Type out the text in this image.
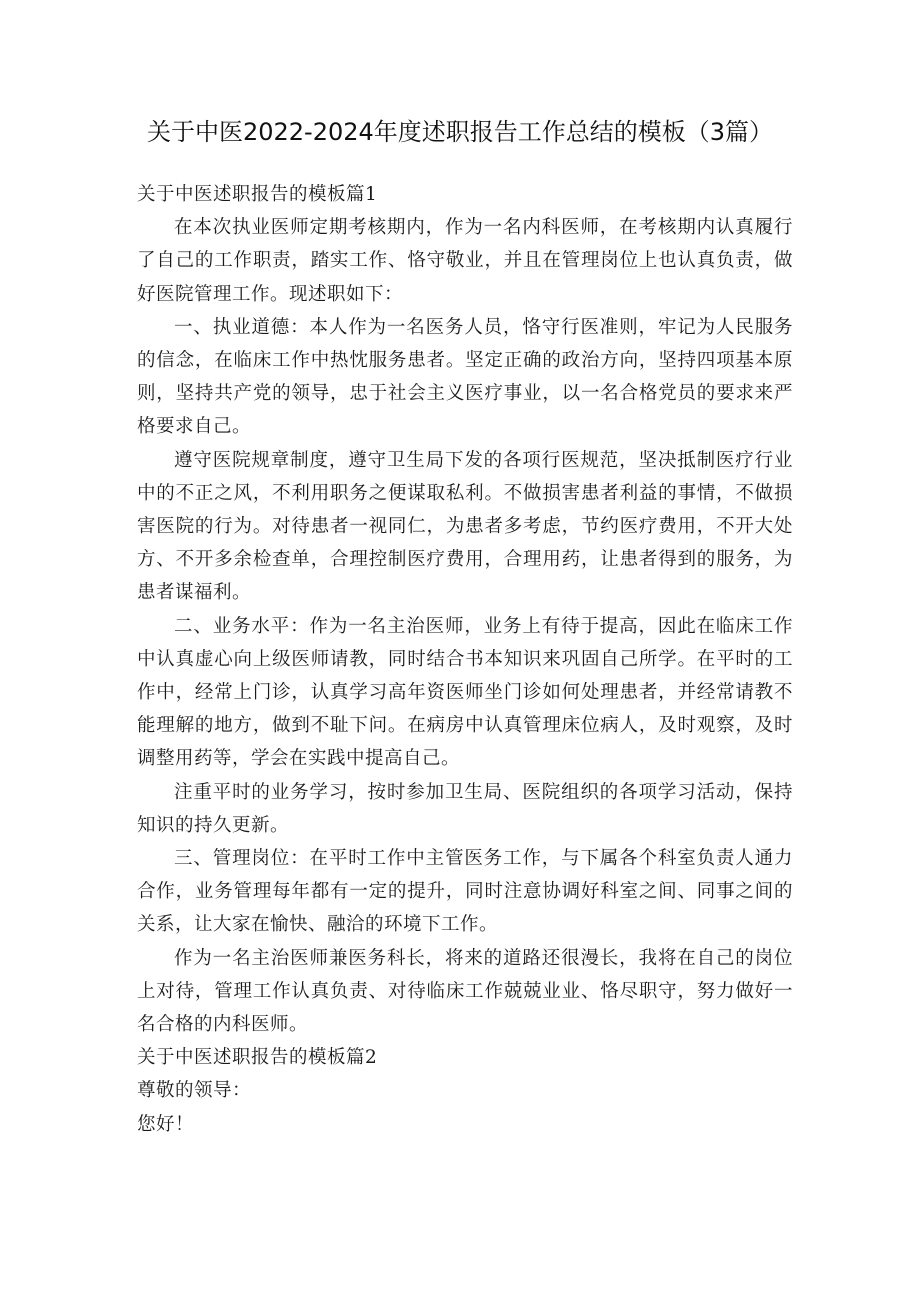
关于中医2022-2024年度述职报告工作总结的模板（3篇）

关于中医述职报告的模板篇1

在本次执业医师定期考核期内，作为一名内科医师，在考核期内认真履行了自己的工作职责，踏实工作、恪守敬业，并且在管理岗位上也认真负责，做好医院管理工作。现述职如下：

一、执业道德：本人作为一名医务人员，恪守行医准则，牢记为人民服务的信念，在临床工作中热忱服务患者。坚定正确的政治方向，坚持四项基本原则，坚持共产党的领导，忠于社会主义医疗事业，以一名合格党员的要求来严格要求自己。

遵守医院规章制度，遵守卫生局下发的各项行医规范，坚决抵制医疗行业中的不正之风，不利用职务之便谋取私利。不做损害患者利益的事情，不做损害医院的行为。对待患者一视同仁，为患者多考虑，节约医疗费用，不开大处方、不开多余检查单，合理控制医疗费用，合理用药，让患者得到的服务，为患者谋福利。

二、业务水平：作为一名主治医师，业务上有待于提高，因此在临床工作中认真虚心向上级医师请教，同时结合书本知识来巩固自己所学。在平时的工作中，经常上门诊，认真学习高年资医师坐门诊如何处理患者，并经常请教不能理解的地方，做到不耻下问。在病房中认真管理床位病人，及时观察，及时调整用药等，学会在实践中提高自己。

注重平时的业务学习，按时参加卫生局、医院组织的各项学习活动，保持知识的持久更新。

三、管理岗位：在平时工作中主管医务工作，与下属各个科室负责人通力合作，业务管理每年都有一定的提升，同时注意协调好科室之间、同事之间的关系，让大家在愉快、融洽的环境下工作。

作为一名主治医师兼医务科长，将来的道路还很漫长，我将在自己的岗位上对待，管理工作认真负责、对待临床工作兢兢业业、恪尽职守，努力做好一名合格的内科医师。

关于中医述职报告的模板篇2

尊敬的领导：

您好！
